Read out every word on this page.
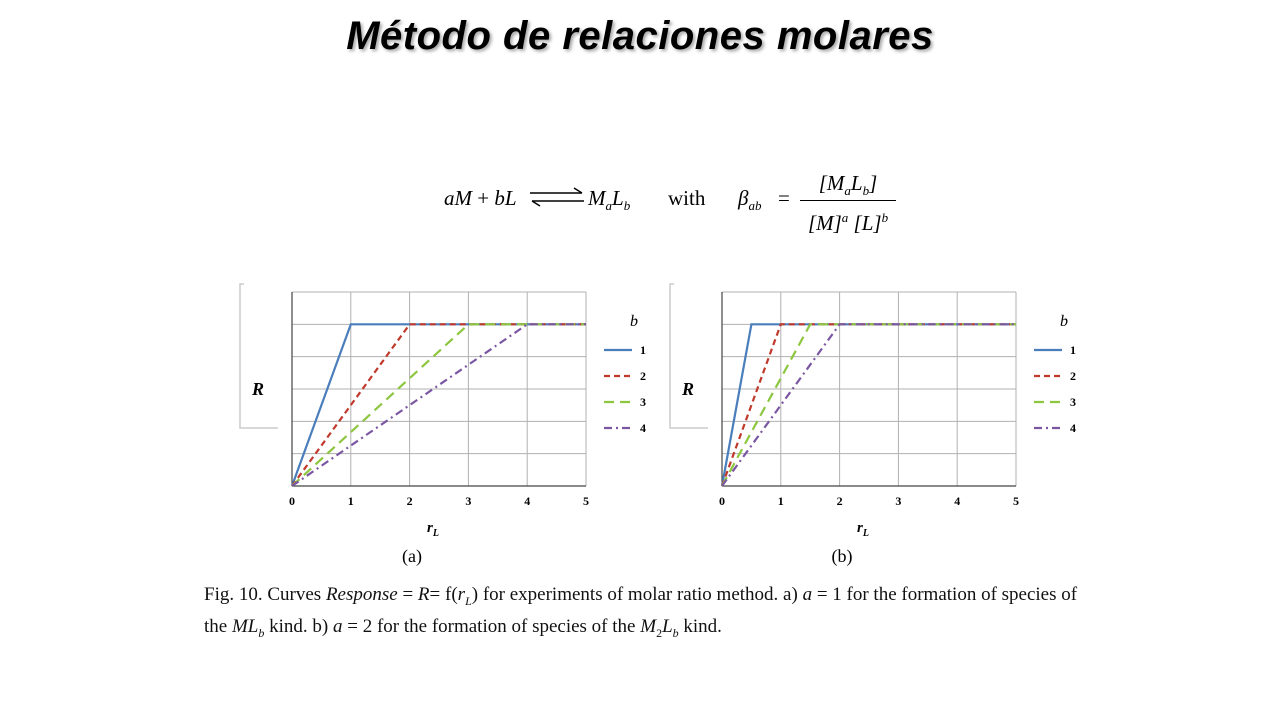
Método de relaciones molares
aM + bL ⇌ $M_aL_b$ with $\beta_{ab}$ =
$[M_aL_b]$
$[M]^a$ $[L]^b$
0	1	2	3	4	5
R
$r_L$
b
1
2
3
4
(a)
0	1	2	3	4	5
R
$r_L$
b
1
2
3
4
(b)
Fig. 10. Curves Response = $R= f(r_L)$ for experiments of molar ratio method. a) a = 1 for the formation of species of the $ML_b$ kind. b) a = 2 for the formation of species of the $M_2L_b$ kind.
